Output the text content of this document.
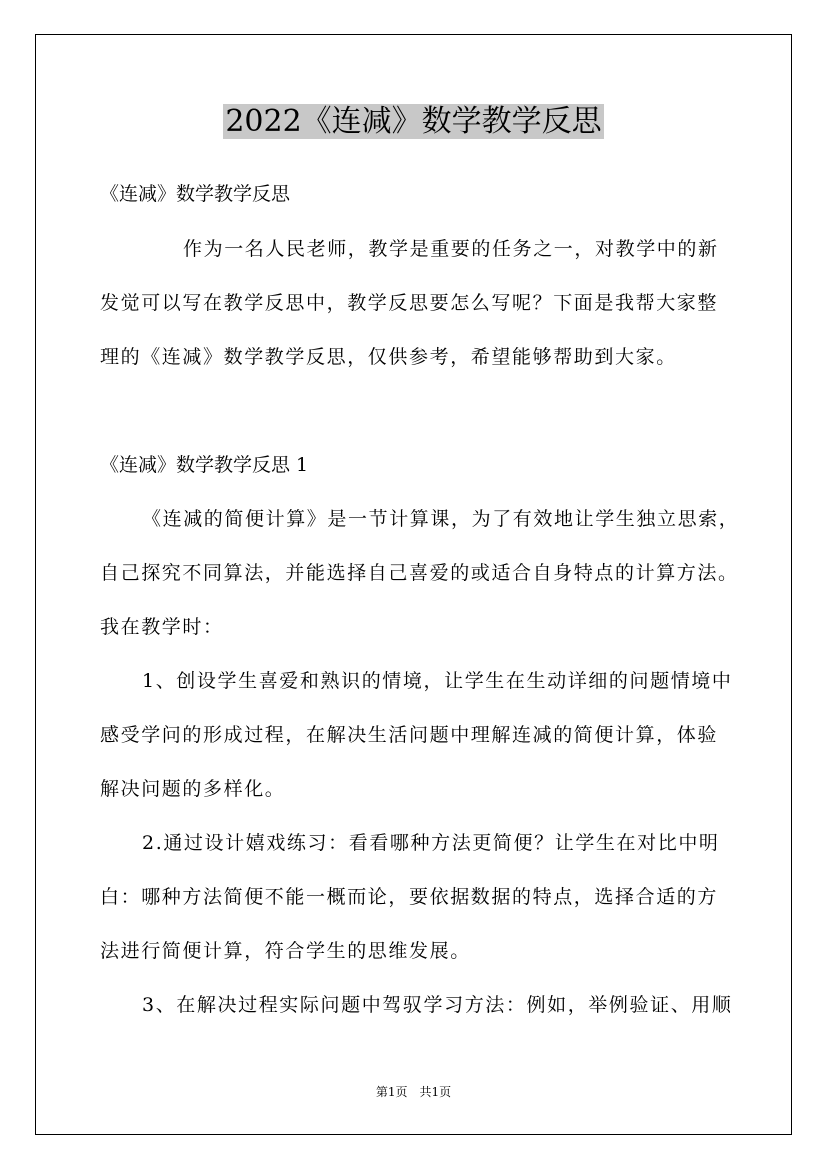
2022《连减》数学教学反思
《连减》数学教学反思
作为一名人民老师，教学是重要的任务之一，对教学中的新
发觉可以写在教学反思中，教学反思要怎么写呢？下面是我帮大家整
理的《连减》数学教学反思，仅供参考，希望能够帮助到大家。
《连减》数学教学反思 1
《连减的简便计算》是一节计算课，为了有效地让学生独立思索，
自己探究不同算法，并能选择自己喜爱的或适合自身特点的计算方法。
我在教学时：
1、创设学生喜爱和熟识的情境，让学生在生动详细的问题情境中
感受学问的形成过程，在解决生活问题中理解连减的简便计算，体验
解决问题的多样化。
2.通过设计嬉戏练习：看看哪种方法更简便？让学生在对比中明
白：哪种方法简便不能一概而论，要依据数据的特点，选择合适的方
法进行简便计算，符合学生的思维发展。
3、在解决过程实际问题中驾驭学习方法：例如，举例验证、用顺
第1页　共1页
